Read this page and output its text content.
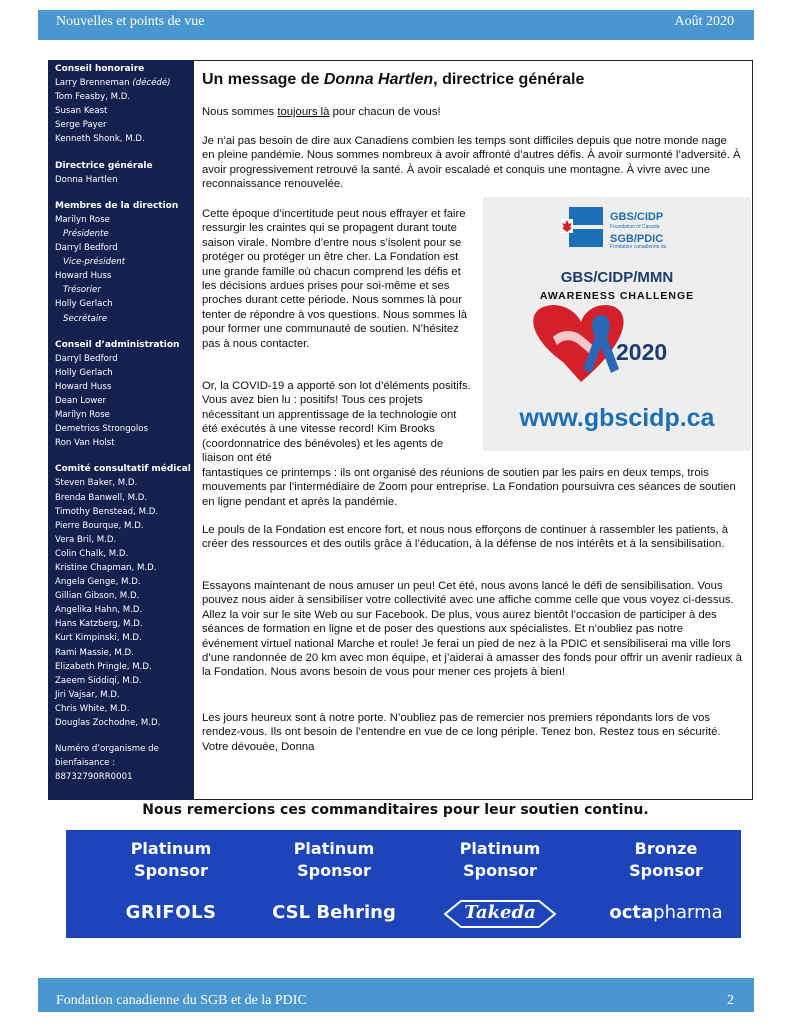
Nouvelles et points de vue	Août 2020
Conseil honoraire
Larry Brenneman (décédé)
Tom Feasby, M.D.
Susan Keast
Serge Payer
Kenneth Shonk, M.D.
Directrice générale
Donna Hartlen
Membres de la direction
Marilyn Rose
Présidente
Darryl Bedford
Vice-président
Howard Huss
Trésorier
Holly Gerlach
Secrétaire
Conseil d’administration
Darryl Bedford
Holly Gerlach
Howard Huss
Dean Lower
Marilyn Rose
Demetrios Strongolos
Ron Van Holst
Comité consultatif médical
Steven Baker, M.D.
Brenda Banwell, M.D.
Timothy Benstead, M.D.
Pierre Bourque, M.D.
Vera Bril, M.D.
Colin Chalk, M.D.
Kristine Chapman, M.D.
Angela Genge, M.D.
Gillian Gibson, M.D.
Angelika Hahn, M.D.
Hans Katzberg, M.D.
Kurt Kimpinski, M.D.
Rami Massie, M.D.
Elizabeth Pringle, M.D.
Zaeem Siddiqi, M.D.
Jiri Vajsar, M.D.
Chris White, M.D.
Douglas Zochodne, M.D.
Numéro d’organisme de bienfaisance :
88732790RR0001
Un message de Donna Hartlen, directrice générale
Nous sommes toujours là pour chacun de vous!
Je n’ai pas besoin de dire aux Canadiens combien les temps sont difficiles depuis que notre monde nage en pleine pandémie. Nous sommes nombreux à avoir affronté d’autres défis. À avoir surmonté l’adversité. À avoir progressivement retrouvé la santé. À avoir escaladé et conquis une montagne. À vivre avec une reconnaissance renouvelée.
Cette époque d’incertitude peut nous effrayer et faire ressurgir les craintes qui se propagent durant toute saison virale. Nombre d’entre nous s’isolent pour se protéger ou protéger un être cher. La Fondation est une grande famille où chacun comprend les défis et les décisions ardues prises pour soi-même et ses proches durant cette période. Nous sommes là pour tenter de répondre à vos questions. Nous sommes là pour former une communauté de soutien. N’hésitez pas à nous contacter.
Or, la COVID-19 a apporté son lot d’éléments positifs. Vous avez bien lu : positifs! Tous ces projets nécessitant un apprentissage de la technologie ont été exécutés à une vitesse record! Kim Brooks (coordonnatrice des bénévoles) et les agents de liaison ont été
fantastiques ce printemps : ils ont organisé des réunions de soutien par les pairs en deux temps, trois mouvements par l’intermédiaire de Zoom pour entreprise. La Fondation poursuivra ces séances de soutien en ligne pendant et après la pandémie.
Le pouls de la Fondation est encore fort, et nous nous efforçons de continuer à rassembler les patients, à créer des ressources et des outils grâce à l’éducation, à la défense de nos intérêts et à la sensibilisation.
Essayons maintenant de nous amuser un peu! Cet été, nous avons lancé le défi de sensibilisation. Vous pouvez nous aider à sensibiliser votre collectivité avec une affiche comme celle que vous voyez ci-dessus. Allez la voir sur le site Web ou sur Facebook. De plus, vous aurez bientôt l’occasion de participer à des séances de formation en ligne et de poser des questions aux spécialistes. Et n’oubliez pas notre événement virtuel national Marche et roule! Je ferai un pied de nez à la PDIC et sensibiliserai ma ville lors d’une randonnée de 20 km avec mon équipe, et j’aiderai à amasser des fonds pour offrir un avenir radieux à la Fondation. Nous avons besoin de vous pour mener ces projets à bien!
Les jours heureux sont à notre porte. N’oubliez pas de remercier nos premiers répondants lors de vos rendez-vous. Ils ont besoin de l’entendre en vue de ce long périple. Tenez bon. Restez tous en sécurité. Votre dévouée, Donna
GBS/CIDP
Foundation of Canada
SGB/PDIC
Fondation canadienne du
GBS/CIDP/MMN
AWARENESS CHALLENGE
2020
www.gbscidp.ca
Nous remercions ces commanditaires pour leur soutien continu.
Platinum
Sponsor
GRIFOLS
Platinum
Sponsor
CSL Behring
Platinum
Sponsor
Takeda
Bronze
Sponsor
octapharma
Fondation canadienne du SGB et de la PDIC	2
